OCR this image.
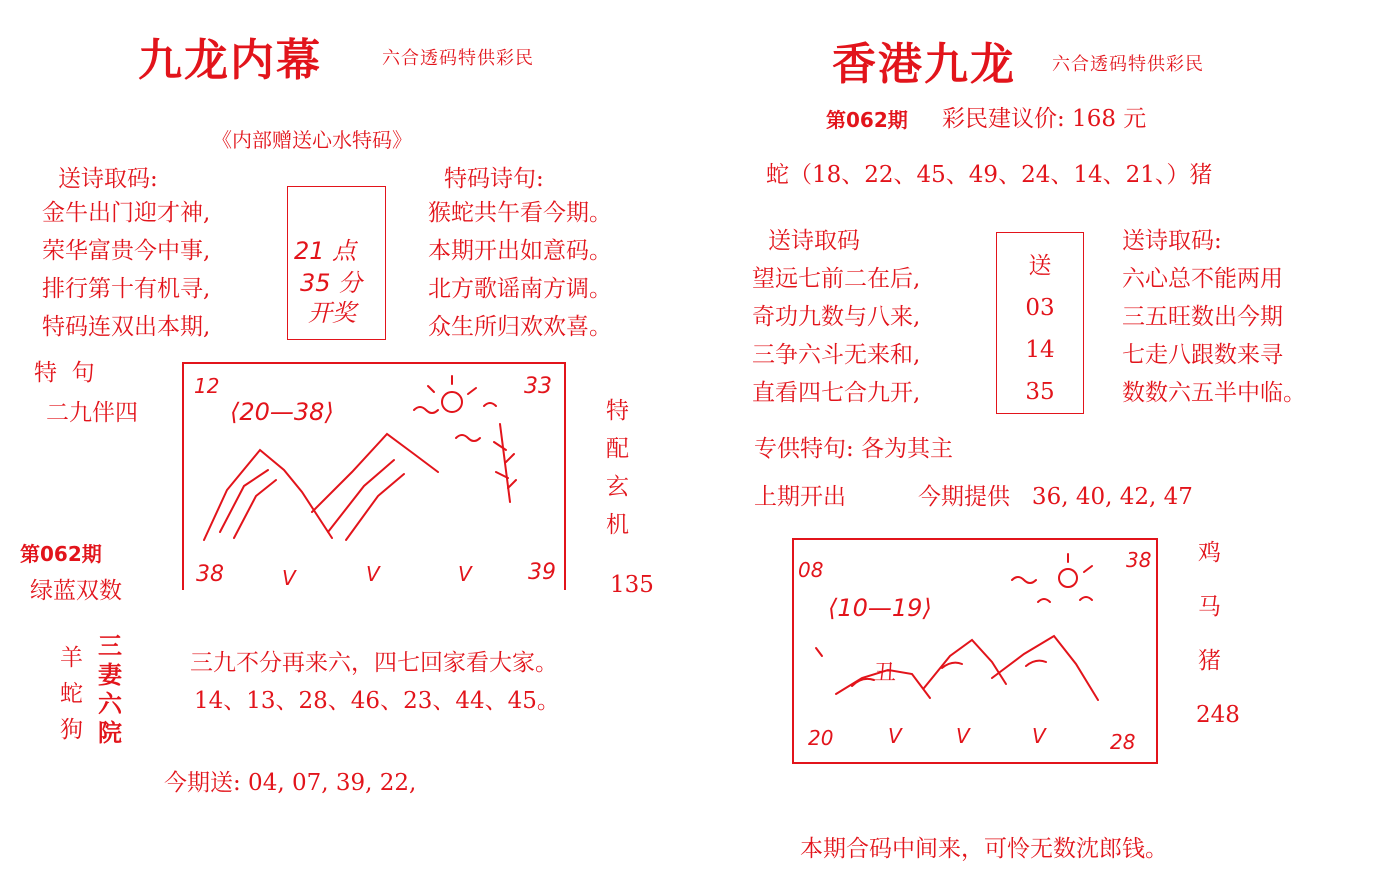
九龙内幕	六合透码特供彩民
《内部赠送心水特码》
送诗取码:
金牛出门迎才神,
荣华富贵今中事,
排行第十有机寻,
特码连双出本期,
21 点
35 分
开奖
特码诗句:
猴蛇共午看今期。
本期开出如意码。
北方歌谣南方调。
众生所归欢欢喜。
特  句
二九伴四
第062期
绿蓝双数
12
⟨20—38⟩
33
38	39
V	V	V
特
配
玄
机
135
羊
蛇
狗
三
妻
六
院
三九不分再来六，四七回家看大家。
14、13、28、46、23、44、45。
今期送: 04, 07, 39, 22,
香港九龙 六合透码特供彩民
第062期 彩民建议价: 168 元
蛇（18、22、45、49、24、14、21、）猪
送诗取码
望远七前二在后,
奇功九数与八来,
三争六斗无来和,
直看四七合九开,
送
03
14
35
送诗取码:
六心总不能两用
三五旺数出今期
七走八跟数来寻
数数六五半中临。
专供特句: 各为其主
上期开出	今期提供   36, 40, 42, 47
08
⟨10—19⟩
38
丑
20	28
V	V	V
鸡
马
猪
248
本期合码中间来，可怜无数沈郎钱。
